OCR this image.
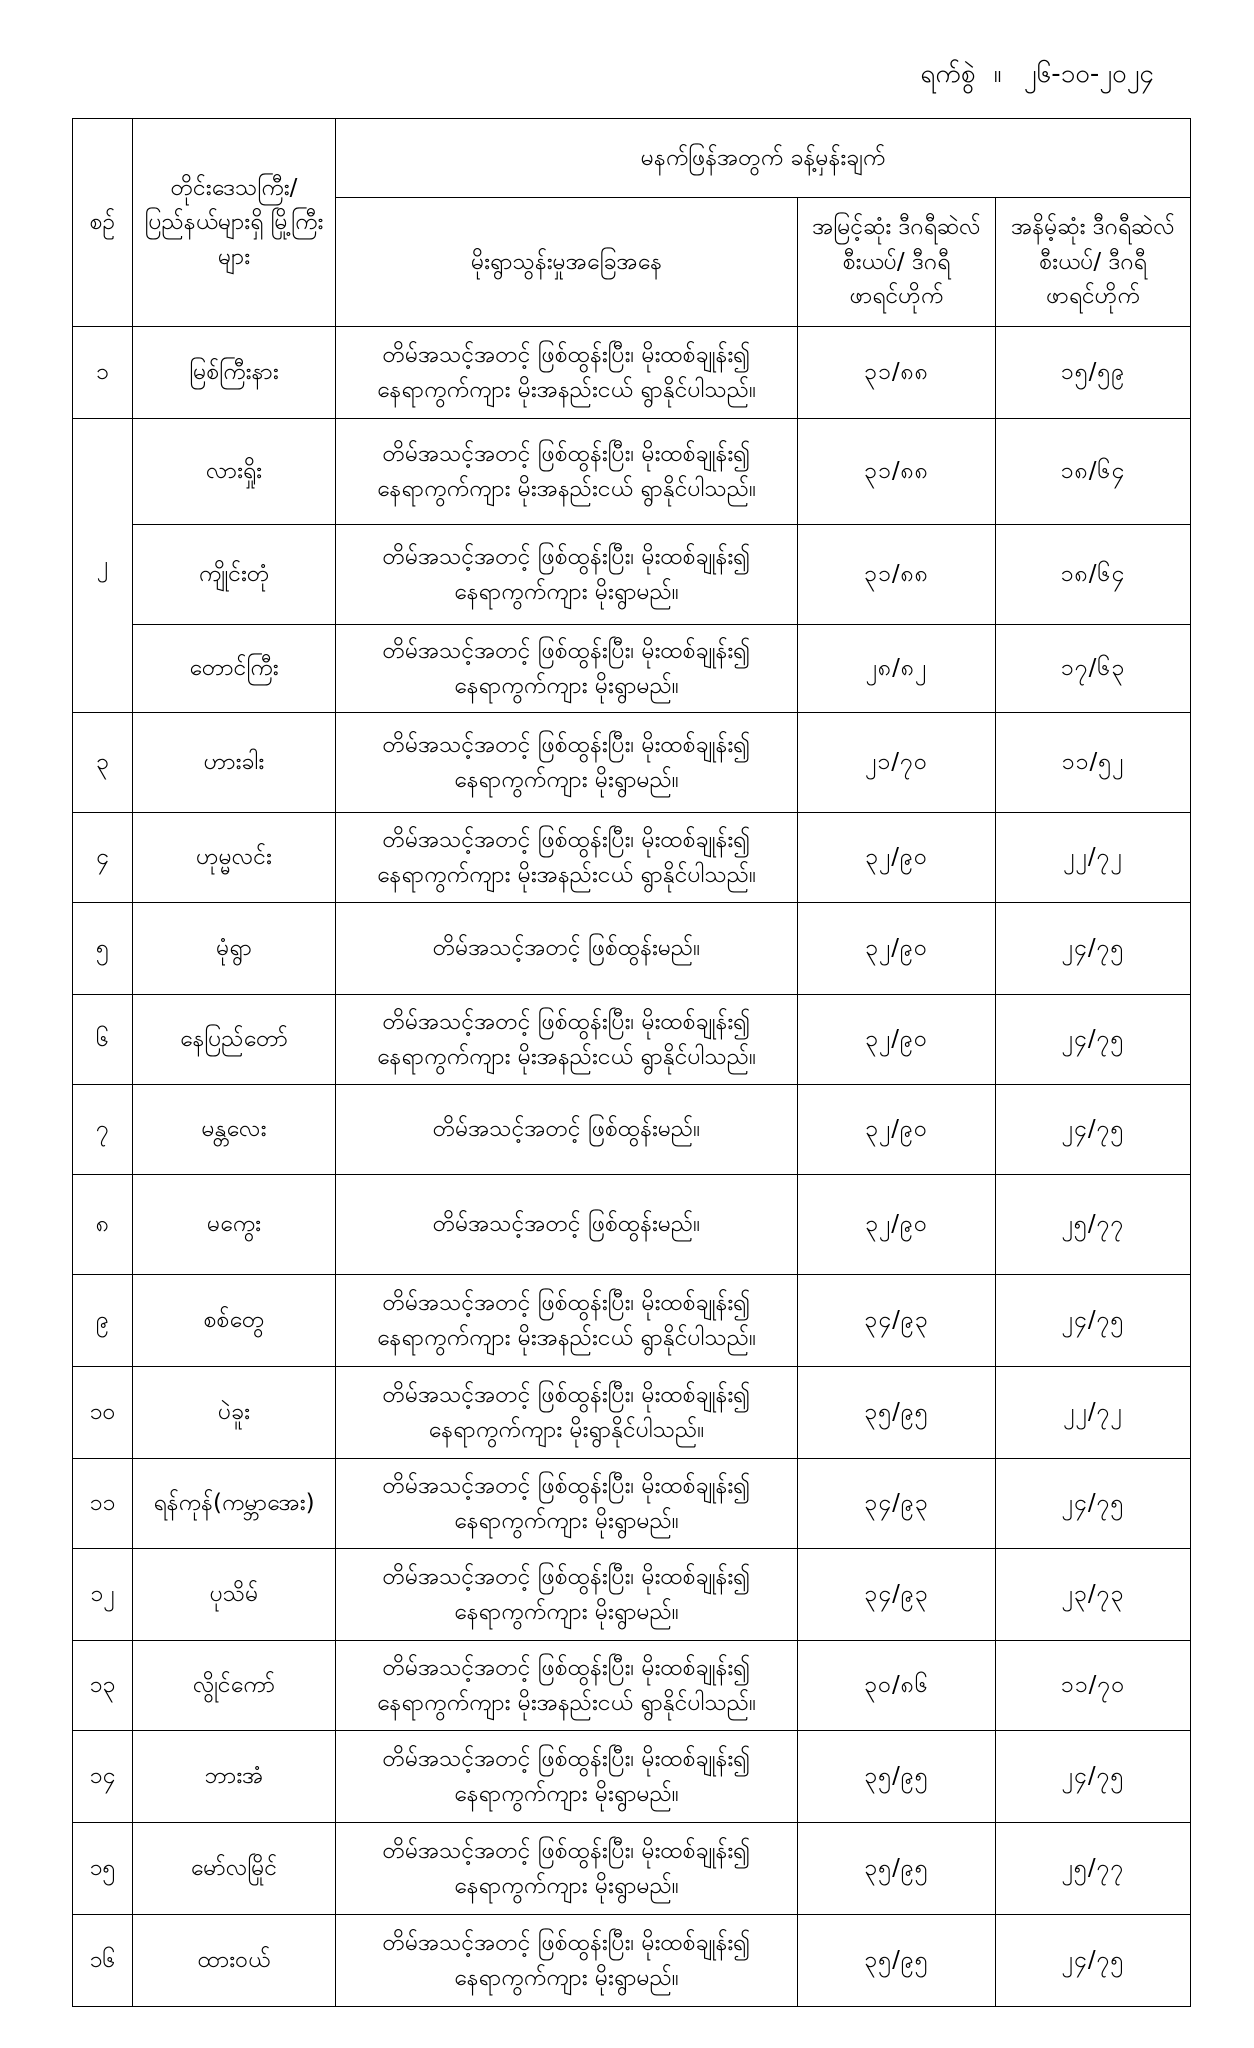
ရက်စွဲ ။ ၂၆-၁၀-၂၀၂၄
စဉ်	တိုင်းဒေသကြီး/ ပြည်နယ်များရှိ မြို့ကြီးများ	မနက်ဖြန်အတွက် ခန့်မှန်းချက်		
		မိုးရွာသွန်းမှုအခြေအနေ	အမြင့်ဆုံး ဒီဂရီဆဲလ်စီးယပ်/ ဒီဂရီဖာရင်ဟိုက်	အနိမ့်ဆုံး ဒီဂရီဆဲလ်စီးယပ်/ ဒီဂရီဖာရင်ဟိုက်
၁	မြစ်ကြီးနား	တိမ်အသင့်အတင့် ဖြစ်ထွန်းပြီး၊ မိုးထစ်ချုန်း၍
နေရာကွက်ကျား မိုးအနည်းငယ် ရွာနိုင်ပါသည်။	၃၁/၈၈	၁၅/၅၉
၂	လားရှိုး	တိမ်အသင့်အတင့် ဖြစ်ထွန်းပြီး၊ မိုးထစ်ချုန်း၍
နေရာကွက်ကျား မိုးအနည်းငယ် ရွာနိုင်ပါသည်။	၃၁/၈၈	၁၈/၆၄
	ကျိုင်းတုံ	တိမ်အသင့်အတင့် ဖြစ်ထွန်းပြီး၊ မိုးထစ်ချုန်း၍
နေရာကွက်ကျား မိုးရွာမည်။	၃၁/၈၈	၁၈/၆၄
	တောင်ကြီး	တိမ်အသင့်အတင့် ဖြစ်ထွန်းပြီး၊ မိုးထစ်ချုန်း၍
နေရာကွက်ကျား မိုးရွာမည်။	၂၈/၈၂	၁၇/၆၃
၃	ဟားခါး	တိမ်အသင့်အတင့် ဖြစ်ထွန်းပြီး၊ မိုးထစ်ချုန်း၍
နေရာကွက်ကျား မိုးရွာမည်။	၂၁/၇၀	၁၁/၅၂
၄	ဟုမ္မလင်း	တိမ်အသင့်အတင့် ဖြစ်ထွန်းပြီး၊ မိုးထစ်ချုန်း၍
နေရာကွက်ကျား မိုးအနည်းငယ် ရွာနိုင်ပါသည်။	၃၂/၉၀	၂၂/၇၂
၅	မုံရွာ	တိမ်အသင့်အတင့် ဖြစ်ထွန်းမည်။	၃၂/၉၀	၂၄/၇၅
၆	နေပြည်တော်	တိမ်အသင့်အတင့် ဖြစ်ထွန်းပြီး၊ မိုးထစ်ချုန်း၍
နေရာကွက်ကျား မိုးအနည်းငယ် ရွာနိုင်ပါသည်။	၃၂/၉၀	၂၄/၇၅
၇	မန္တလေး	တိမ်အသင့်အတင့် ဖြစ်ထွန်းမည်။	၃၂/၉၀	၂၄/၇၅
၈	မကွေး	တိမ်အသင့်အတင့် ဖြစ်ထွန်းမည်။	၃၂/၉၀	၂၅/၇၇
၉	စစ်တွေ	တိမ်အသင့်အတင့် ဖြစ်ထွန်းပြီး၊ မိုးထစ်ချုန်း၍
နေရာကွက်ကျား မိုးအနည်းငယ် ရွာနိုင်ပါသည်။	၃၄/၉၃	၂၄/၇၅
၁၀	ပဲခူး	တိမ်အသင့်အတင့် ဖြစ်ထွန်းပြီး၊ မိုးထစ်ချုန်း၍
နေရာကွက်ကျား မိုးရွာနိုင်ပါသည်။	၃၅/၉၅	၂၂/၇၂
၁၁	ရန်ကုန်(ကမ္ဘာအေး)	တိမ်အသင့်အတင့် ဖြစ်ထွန်းပြီး၊ မိုးထစ်ချုန်း၍
နေရာကွက်ကျား မိုးရွာမည်။	၃၄/၉၃	၂၄/၇၅
၁၂	ပုသိမ်	တိမ်အသင့်အတင့် ဖြစ်ထွန်းပြီး၊ မိုးထစ်ချုန်း၍
နေရာကွက်ကျား မိုးရွာမည်။	၃၄/၉၃	၂၃/၇၃
၁၃	လွိုင်ကော်	တိမ်အသင့်အတင့် ဖြစ်ထွန်းပြီး၊ မိုးထစ်ချုန်း၍
နေရာကွက်ကျား မိုးအနည်းငယ် ရွာနိုင်ပါသည်။	၃၀/၈၆	၁၁/၇၀
၁၄	ဘားအံ	တိမ်အသင့်အတင့် ဖြစ်ထွန်းပြီး၊ မိုးထစ်ချုန်း၍
နေရာကွက်ကျား မိုးရွာမည်။	၃၅/၉၅	၂၄/၇၅
၁၅	မော်လမြိုင်	တိမ်အသင့်အတင့် ဖြစ်ထွန်းပြီး၊ မိုးထစ်ချုန်း၍
နေရာကွက်ကျား မိုးရွာမည်။	၃၅/၉၅	၂၅/၇၇
၁၆	ထားဝယ်	တိမ်အသင့်အတင့် ဖြစ်ထွန်းပြီး၊ မိုးထစ်ချုန်း၍
နေရာကွက်ကျား မိုးရွာမည်။	၃၅/၉၅	၂၄/၇၅
